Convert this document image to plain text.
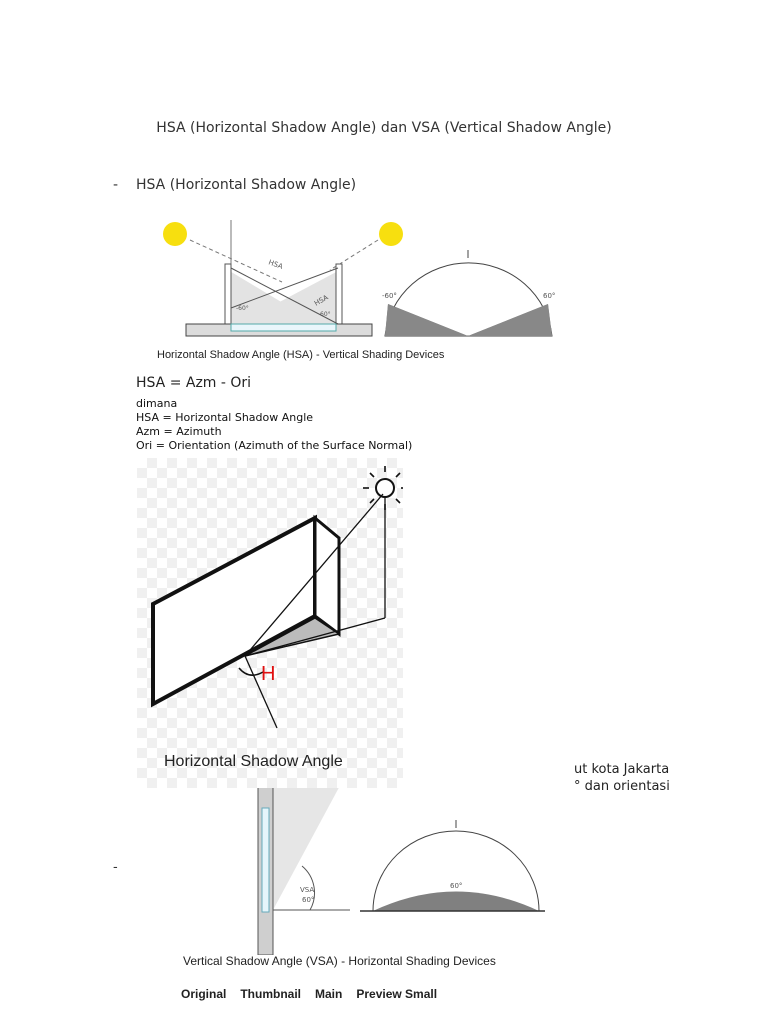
HSA (Horizontal Shadow Angle) dan VSA (Vertical Shadow Angle)
- HSA (Horizontal Shadow Angle)
HSA
HSA
-60°
60°
-60°	60°
Horizontal Shadow Angle (HSA) - Vertical Shading Devices
HSA = Azm - Ori
dimana
HSA = Horizontal Shadow Angle
Azm = Azimuth
Ori = Orientation (Azimuth of the Surface Normal)
ut kota Jakarta
° dan orientasi
-
VSA
60°
60°
H
Horizontal Shadow Angle
Vertical Shadow Angle (VSA) - Horizontal Shading Devices
Original Thumbnail Main Preview Small
